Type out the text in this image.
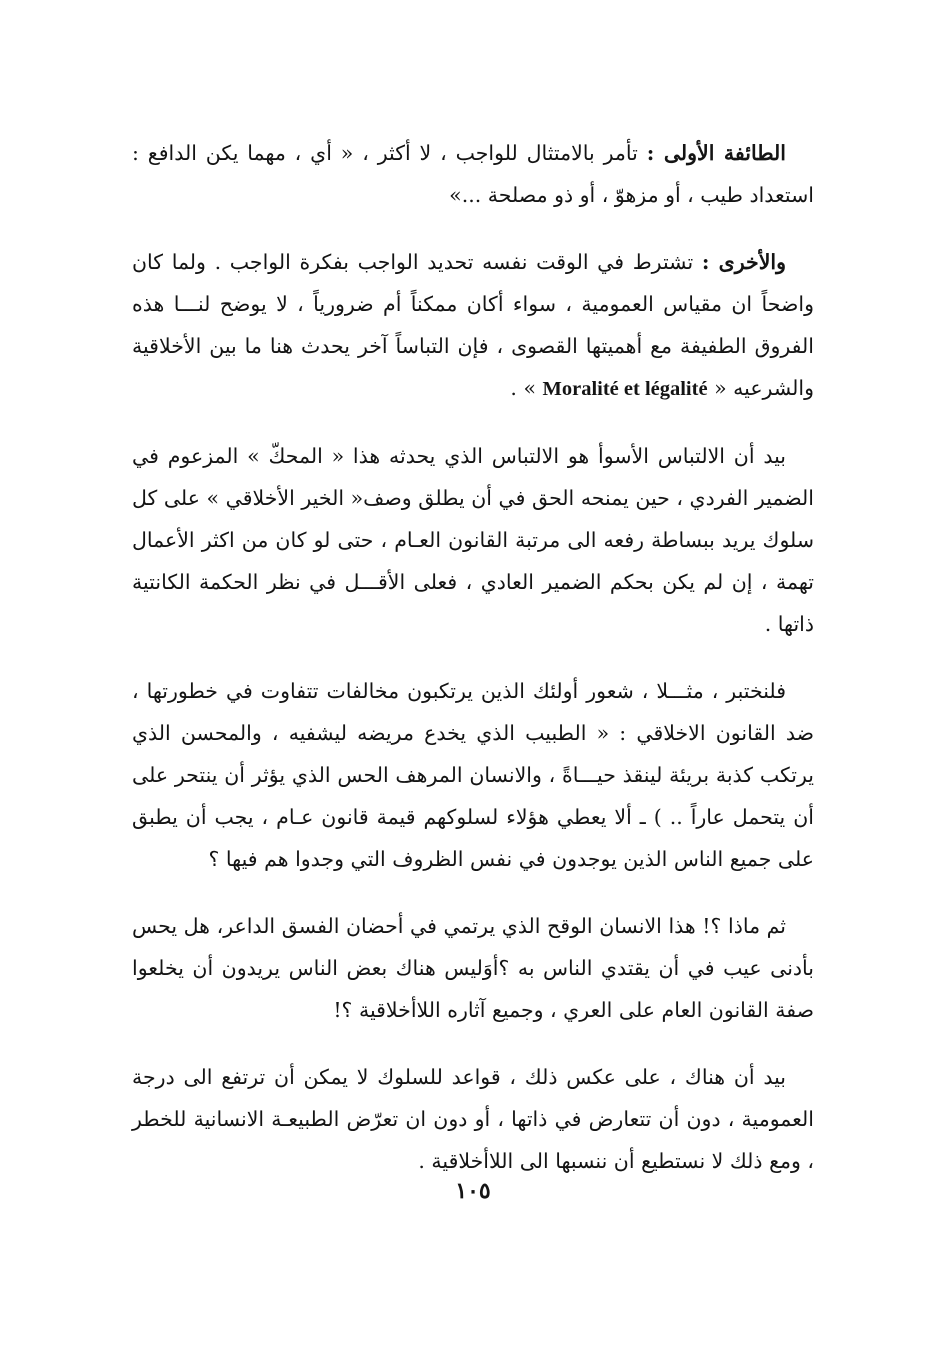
الطائفة الأولى : تأمر بالامتثال للواجب ، لا أكثر ، « أي ، مهما يكن الدافع : استعداد طيب ، أو مزهوّ ، أو ذو مصلحة ...»

والأخرى : تشترط في الوقت نفسه تحديد الواجب بفكرة الواجب . ولما كان واضحاً ان مقياس العمومية ، سواء أكان ممكناً أم ضرورياً ، لا يوضح لنـــا هذه الفروق الطفيفة مع أهميتها القصوى ، فإن التباساً آخر يحدث هنا ما بين الأخلاقية والشرعيه « Moralité et légalité » .

بيد أن الالتباس الأسوأ هو الالتباس الذي يحدثه هذا « المحكّ » المزعوم في الضمير الفردي ، حين يمنحه الحق في أن يطلق وصف« الخير الأخلاقي » على كل سلوك يريد ببساطة رفعه الى مرتبة القانون العـام ، حتى لو كان من اكثر الأعمال تهمة ، إن لم يكن بحكم الضمير العادي ، فعلى الأقـــل في نظر الحكمة الكانتية ذاتها .

فلنختبر ، مثـــلا ، شعور أولئك الذين يرتكبون مخالفات تتفاوت في خطورتها ، ضد القانون الاخلاقي : « الطبيب الذي يخدع مريضه ليشفيه ، والمحسن الذي يرتكب كذبة بريئة لينقذ حيـــاةً ، والانسان المرهف الحس الذي يؤثر أن ينتحر على أن يتحمل عاراً .. ) ـ ألا يعطي هؤلاء لسلوكهم قيمة قانون عـام ، يجب أن يطبق على جميع الناس الذين يوجدون في نفس الظروف التي وجدوا هم فيها ؟

ثم ماذا ؟! هذا الانسان الوقح الذي يرتمي في أحضان الفسق الداعر، هل يحس بأدنى عيب في أن يقتدي الناس به ؟أوَليس هناك بعض الناس يريدون أن يخلعوا صفة القانون العام على العري ، وجميع آثاره اللاأخلاقية ؟!

بيد أن هناك ، على عكس ذلك ، قواعد للسلوك لا يمكن أن ترتفع الى درجة العمومية ، دون أن تتعارض في ذاتها ، أو دون ان تعرّض الطبيعـة الانسانية للخطر ، ومع ذلك لا نستطيع أن ننسبها الى اللاأخلاقية .

١٠٥
